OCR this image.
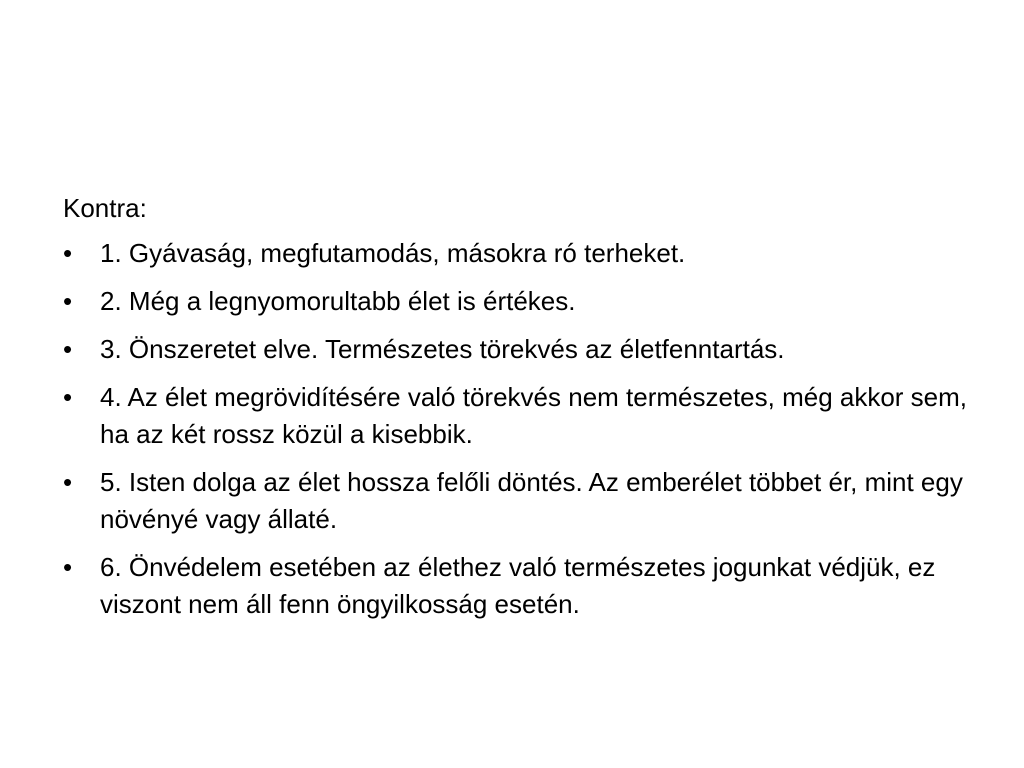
Kontra:

•	1. Gyávaság, megfutamodás, másokra ró terheket.
•	2. Még a legnyomorultabb élet is értékes.
•	3. Önszeretet elve. Természetes törekvés az életfenntartás.
•	4. Az élet megrövidítésére való törekvés nem természetes, még akkor sem, ha az két rossz közül a kisebbik.
•	5. Isten dolga az élet hossza felőli döntés. Az emberélet többet ér, mint egy növényé vagy állaté.
•	6. Önvédelem esetében az élethez való természetes jogunkat védjük, ez viszont nem áll fenn öngyilkosság esetén.
